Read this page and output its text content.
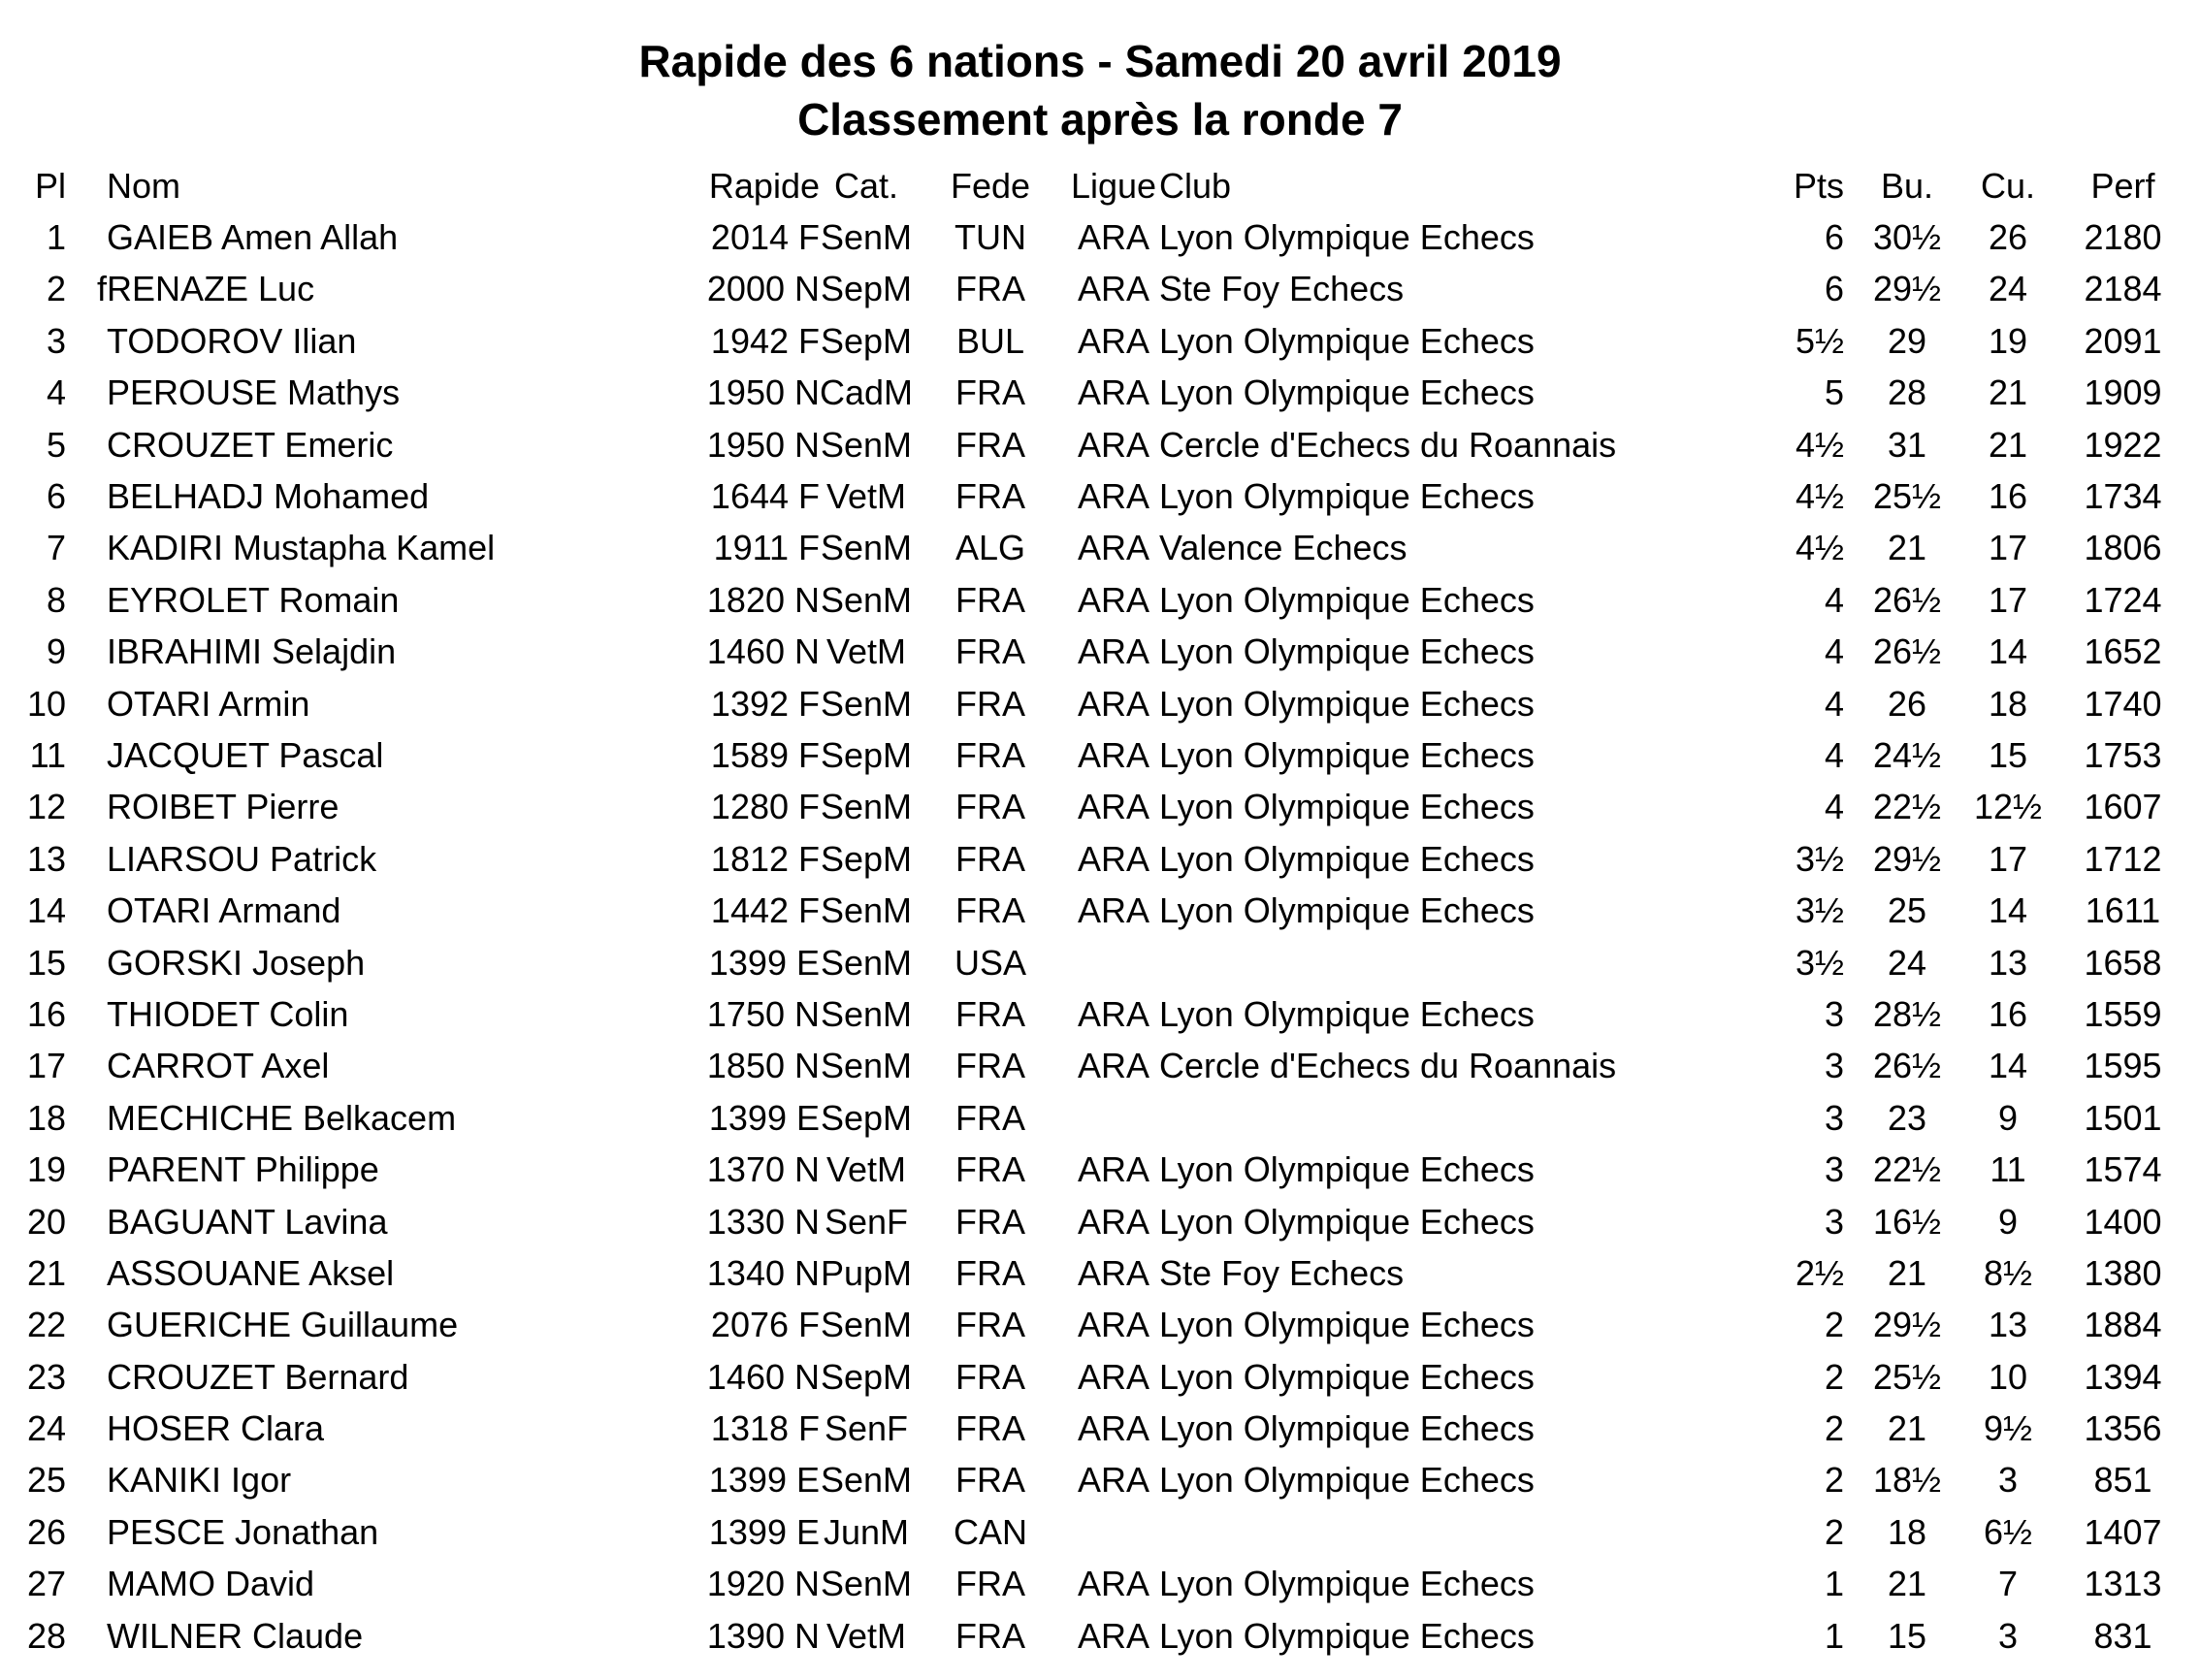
Rapide des 6 nations - Samedi 20 avril 2019
Classement après la ronde 7
Pl		Nom	Rapide	Cat.	Fede	Ligue	Club	Pts	Bu.	Cu.	Perf
1		GAIEB Amen Allah	2014 F	SenM	TUN	ARA	Lyon Olympique Echecs	6	30½	26	2180
2	f	RENAZE Luc	2000 N	SepM	FRA	ARA	Ste Foy Echecs	6	29½	24	2184
3		TODOROV Ilian	1942 F	SepM	BUL	ARA	Lyon Olympique Echecs	5½	29	19	2091
4		PEROUSE Mathys	1950 N	CadM	FRA	ARA	Lyon Olympique Echecs	5	28	21	1909
5		CROUZET Emeric	1950 N	SenM	FRA	ARA	Cercle d'Echecs du Roannais	4½	31	21	1922
6		BELHADJ Mohamed	1644 F	VetM	FRA	ARA	Lyon Olympique Echecs	4½	25½	16	1734
7		KADIRI Mustapha Kamel	1911 F	SenM	ALG	ARA	Valence Echecs	4½	21	17	1806
8		EYROLET Romain	1820 N	SenM	FRA	ARA	Lyon Olympique Echecs	4	26½	17	1724
9		IBRAHIMI Selajdin	1460 N	VetM	FRA	ARA	Lyon Olympique Echecs	4	26½	14	1652
10		OTARI Armin	1392 F	SenM	FRA	ARA	Lyon Olympique Echecs	4	26	18	1740
11		JACQUET Pascal	1589 F	SepM	FRA	ARA	Lyon Olympique Echecs	4	24½	15	1753
12		ROIBET Pierre	1280 F	SenM	FRA	ARA	Lyon Olympique Echecs	4	22½	12½	1607
13		LIARSOU Patrick	1812 F	SepM	FRA	ARA	Lyon Olympique Echecs	3½	29½	17	1712
14		OTARI Armand	1442 F	SenM	FRA	ARA	Lyon Olympique Echecs	3½	25	14	1611
15		GORSKI Joseph	1399 E	SenM	USA			3½	24	13	1658
16		THIODET Colin	1750 N	SenM	FRA	ARA	Lyon Olympique Echecs	3	28½	16	1559
17		CARROT Axel	1850 N	SenM	FRA	ARA	Cercle d'Echecs du Roannais	3	26½	14	1595
18		MECHICHE Belkacem	1399 E	SepM	FRA			3	23	9	1501
19		PARENT Philippe	1370 N	VetM	FRA	ARA	Lyon Olympique Echecs	3	22½	11	1574
20		BAGUANT Lavina	1330 N	SenF	FRA	ARA	Lyon Olympique Echecs	3	16½	9	1400
21		ASSOUANE Aksel	1340 N	PupM	FRA	ARA	Ste Foy Echecs	2½	21	8½	1380
22		GUERICHE Guillaume	2076 F	SenM	FRA	ARA	Lyon Olympique Echecs	2	29½	13	1884
23		CROUZET Bernard	1460 N	SepM	FRA	ARA	Lyon Olympique Echecs	2	25½	10	1394
24		HOSER Clara	1318 F	SenF	FRA	ARA	Lyon Olympique Echecs	2	21	9½	1356
25		KANIKI Igor	1399 E	SenM	FRA	ARA	Lyon Olympique Echecs	2	18½	3	851
26		PESCE Jonathan	1399 E	JunM	CAN			2	18	6½	1407
27		MAMO David	1920 N	SenM	FRA	ARA	Lyon Olympique Echecs	1	21	7	1313
28		WILNER Claude	1390 N	VetM	FRA	ARA	Lyon Olympique Echecs	1	15	3	831
